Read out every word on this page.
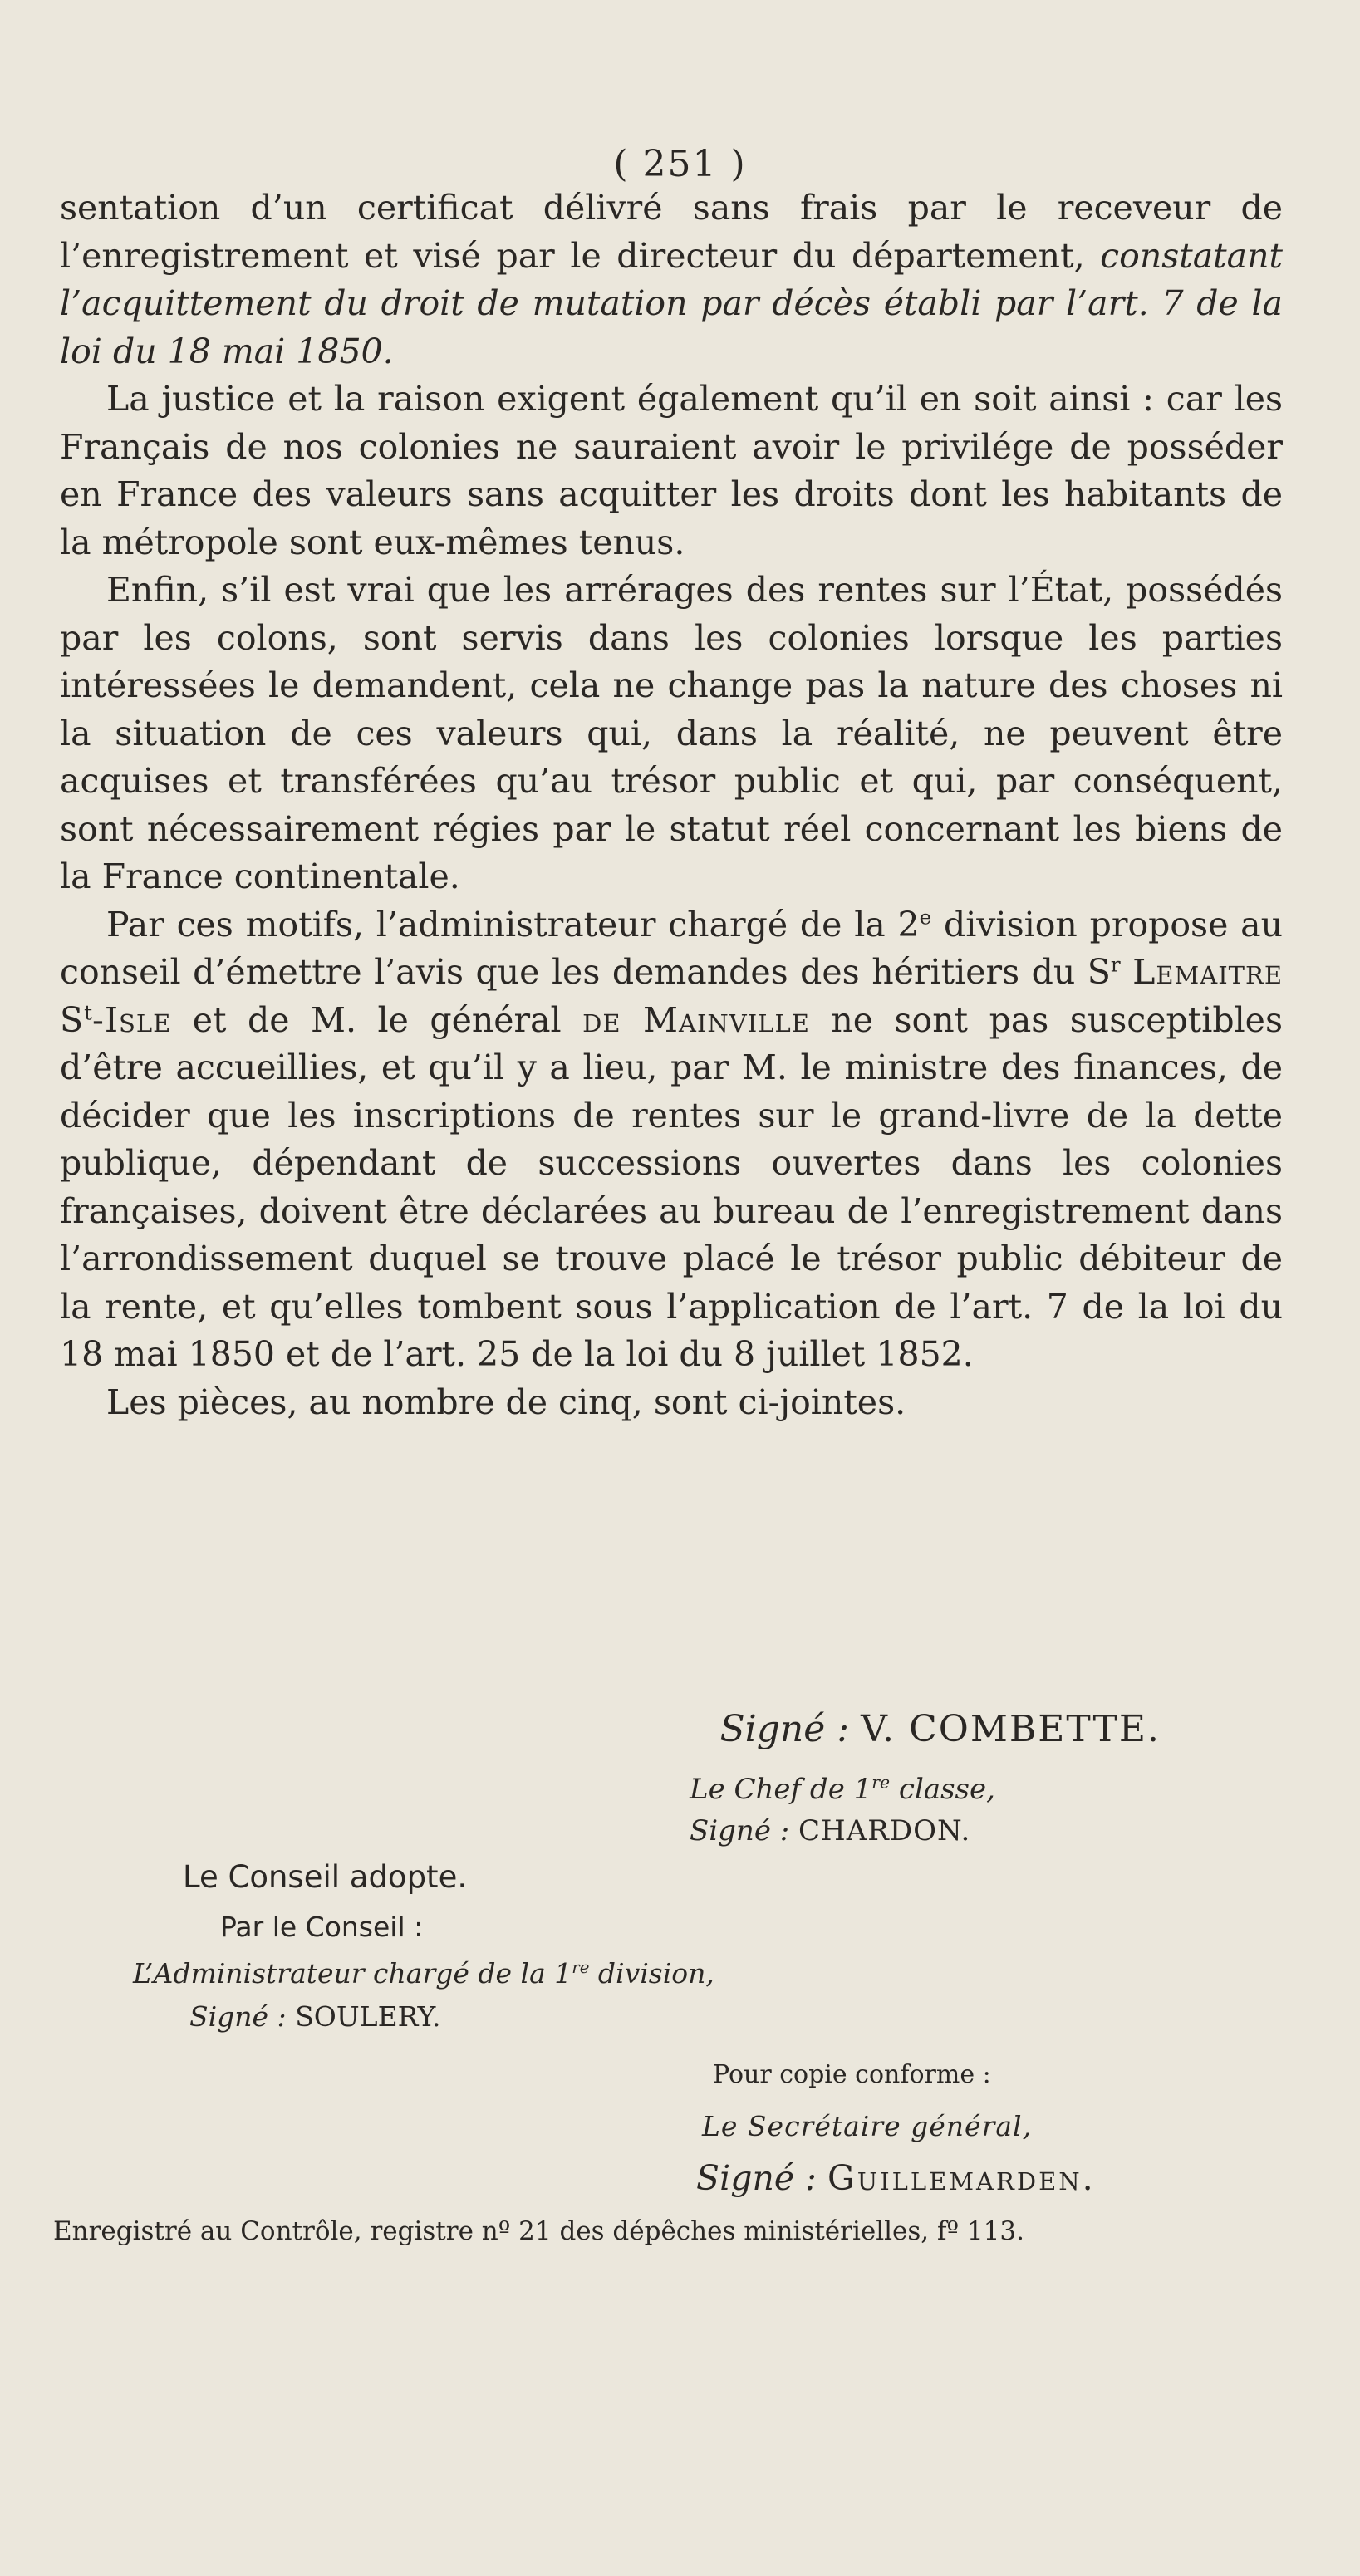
( 251 )

sentation d’un certificat délivré sans frais par le receveur de l’enregistrement et visé par le directeur du département, constatant l’acquittement du droit de mutation par décès établi par l’art. 7 de la loi du 18 mai 1850.

La justice et la raison exigent également qu’il en soit ainsi : car les Français de nos colonies ne sauraient avoir le privilége de posséder en France des valeurs sans acquitter les droits dont les habitants de la métropole sont eux-mêmes tenus.

Enfin, s’il est vrai que les arrérages des rentes sur l’État, possédés par les colons, sont servis dans les colonies lorsque les parties intéressées le demandent, cela ne change pas la nature des choses ni la situation de ces valeurs qui, dans la réalité, ne peuvent être acquises et transférées qu’au trésor public et qui, par conséquent, sont nécessairement régies par le statut réel concernant les biens de la France continentale.

Par ces motifs, l’administrateur chargé de la 2e division propose au conseil d’émettre l’avis que les demandes des héritiers du $S^r$ Lemaitre $S^t$-Isle et de M. le général de Mainville ne sont pas susceptibles d’être accueillies, et qu’il y a lieu, par M. le ministre des finances, de décider que les inscriptions de rentes sur le grand-livre de la dette publique, dépendant de successions ouvertes dans les colonies françaises, doivent être déclarées au bureau de l’enregistrement dans l’arrondissement duquel se trouve placé le trésor public débiteur de la rente, et qu’elles tombent sous l’application de l’art. 7 de la loi du 18 mai 1850 et de l’art. 25 de la loi du 8 juillet 1852.

Les pièces, au nombre de cinq, sont ci-jointes.

Signé : V. COMBETTE.
Le Chef de 1re classe,
Signé : CHARDON.
Le Conseil adopte.
Par le Conseil :
L’Administrateur chargé de la 1re division,
Signé : SOULERY.
Pour copie conforme :
Le Secrétaire général,
Signé : Guillemarden.
Enregistré au Contrôle, registre nº 21 des dépêches ministérielles, fº 113.
